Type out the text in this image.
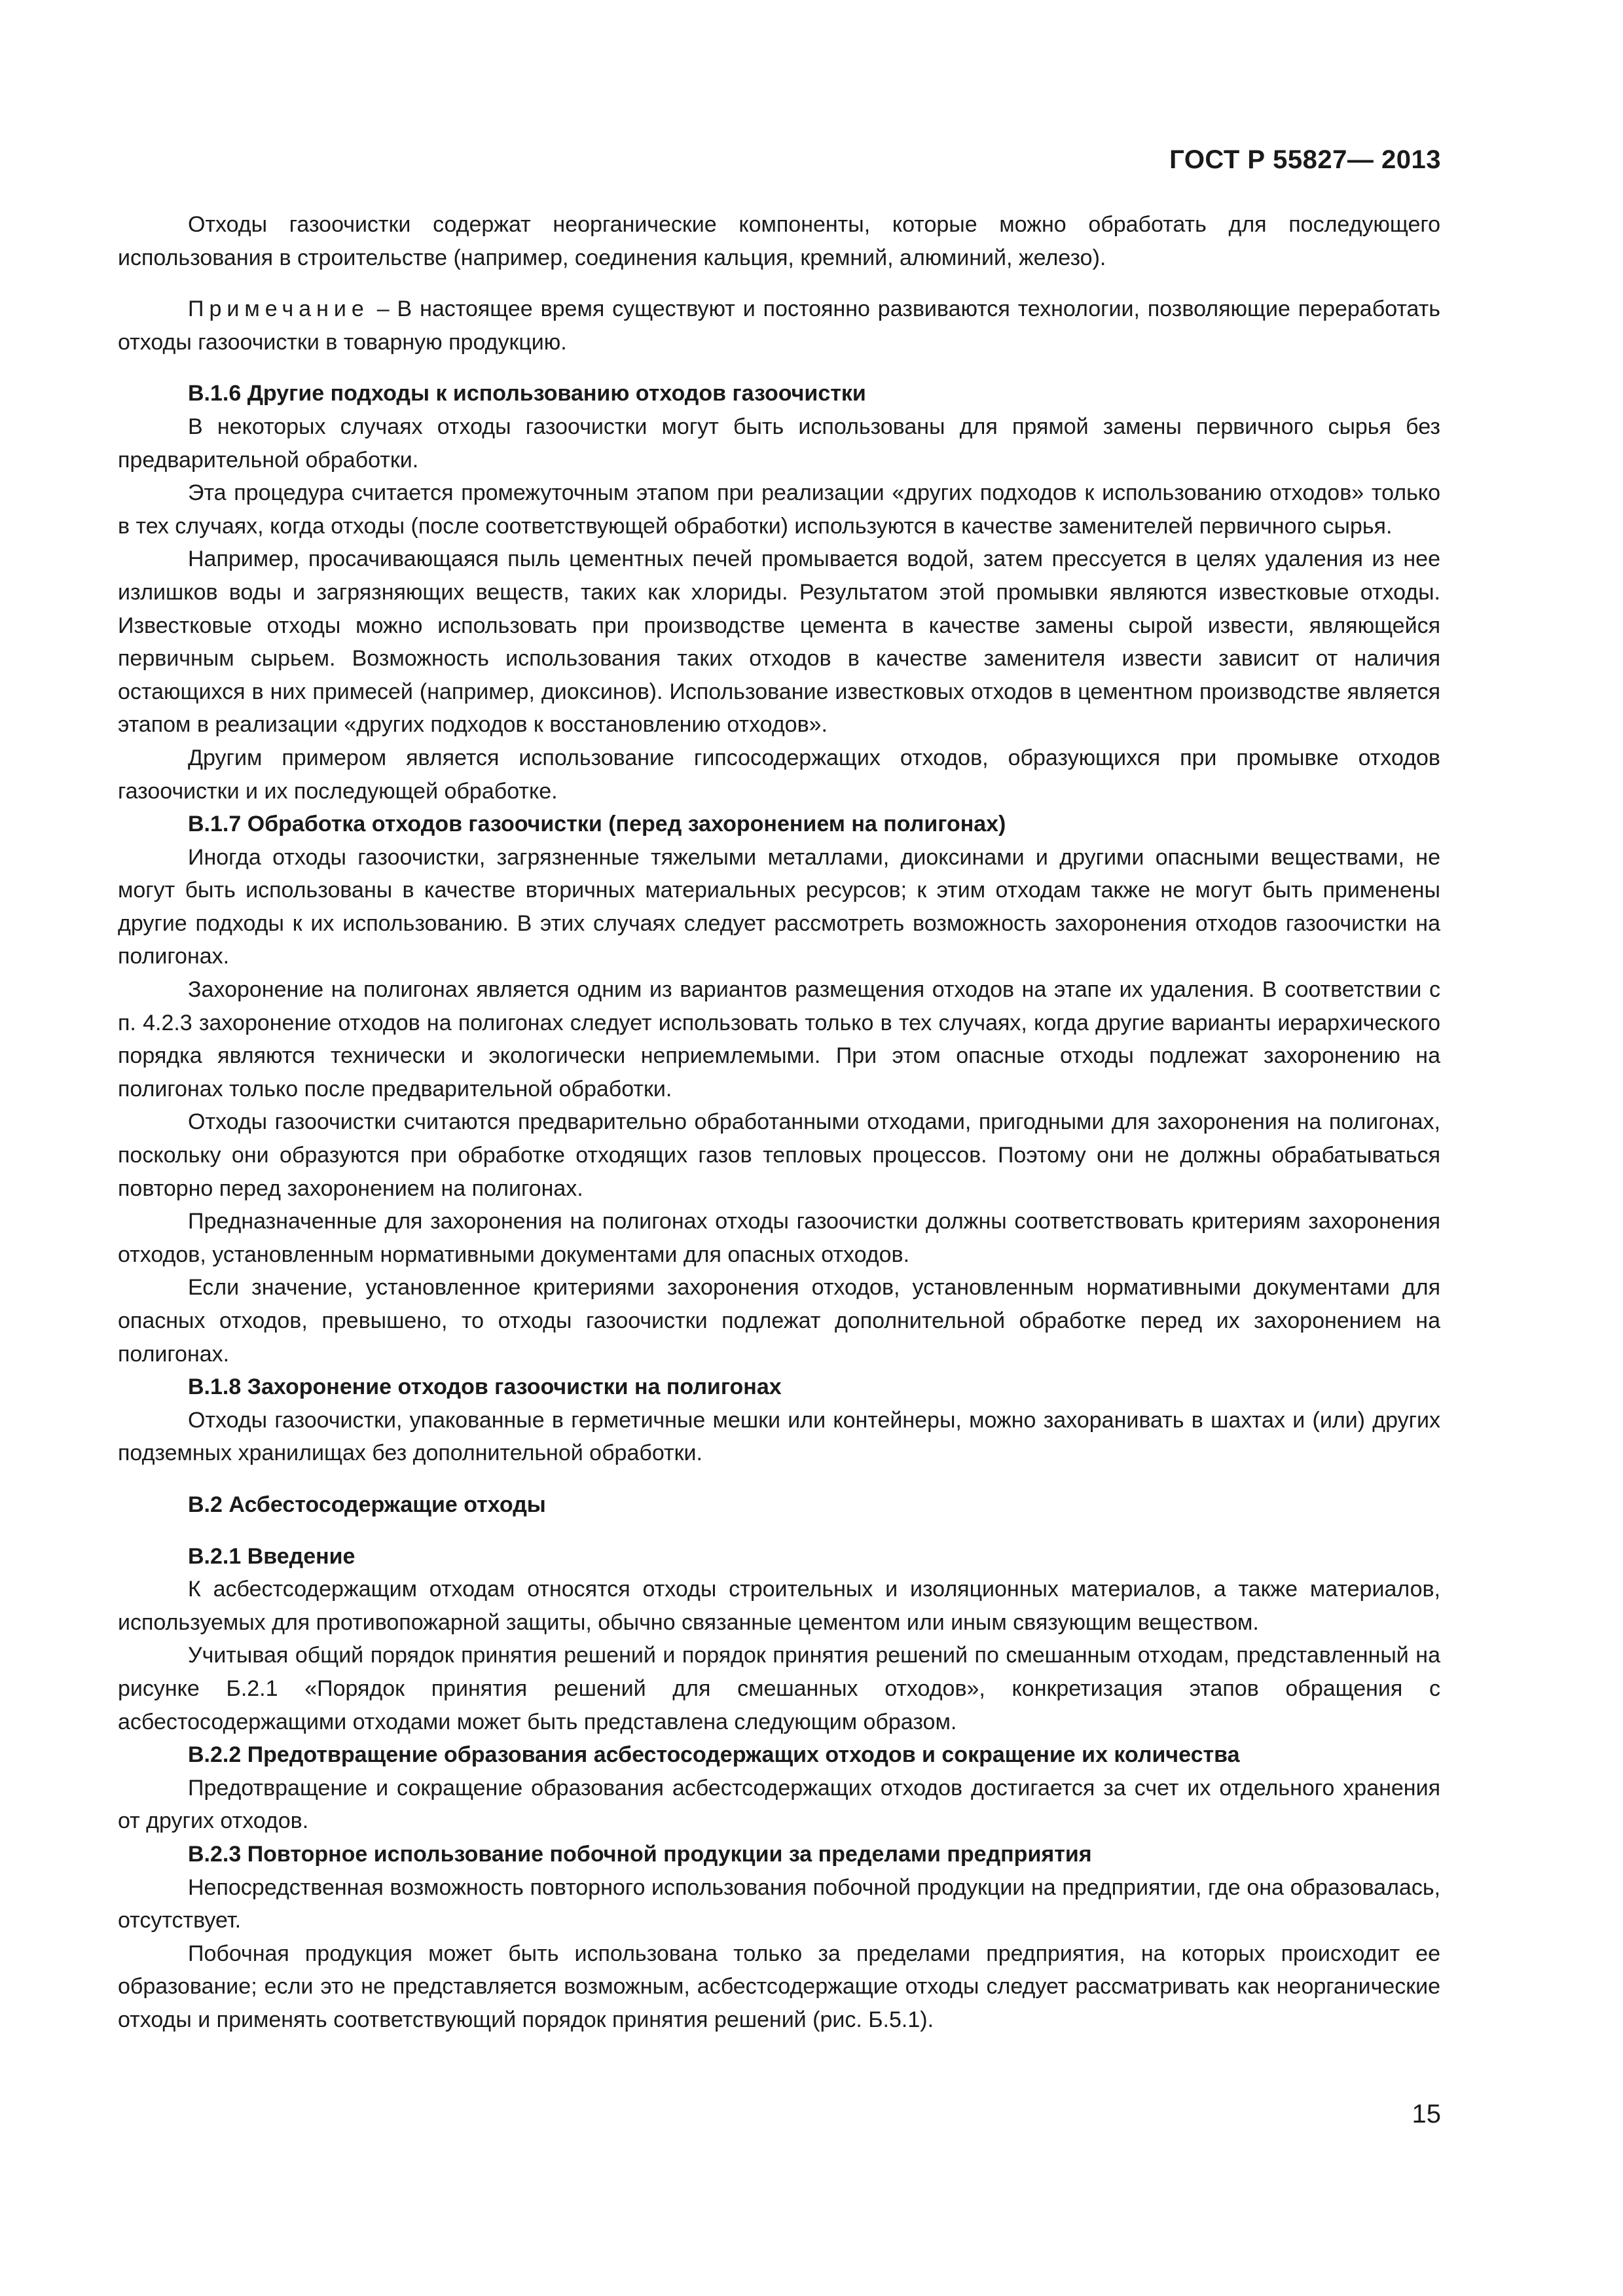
ГОСТ Р 55827— 2013

Отходы газоочистки содержат неорганические компоненты, которые можно обработать для последующего использования в строительстве (например, соединения кальция, кремний, алюминий, железо).

Примечание – В настоящее время существуют и постоянно развиваются технологии, позволяющие переработать отходы газоочистки в товарную продукцию.

В.1.6 Другие подходы к использованию отходов газоочистки

В некоторых случаях отходы газоочистки могут быть использованы для прямой замены первичного сырья без предварительной обработки.

Эта процедура считается промежуточным этапом при реализации «других подходов к использованию отходов» только в тех случаях, когда отходы (после соответствующей обработки) используются в качестве заменителей первичного сырья.

Например, просачивающаяся пыль цементных печей промывается водой, затем прессуется в целях удаления из нее излишков воды и загрязняющих веществ, таких как хлориды. Результатом этой промывки являются известковые отходы. Известковые отходы можно использовать при производстве цемента в качестве замены сырой извести, являющейся первичным сырьем. Возможность использования таких отходов в качестве заменителя извести зависит от наличия остающихся в них примесей (например, диоксинов). Использование известковых отходов в цементном производстве является этапом в реализации «других подходов к восстановлению отходов».

Другим примером является использование гипсосодержащих отходов, образующихся при промывке отходов газоочистки и их последующей обработке.

В.1.7 Обработка отходов газоочистки (перед захоронением на полигонах)

Иногда отходы газоочистки, загрязненные тяжелыми металлами, диоксинами и другими опасными веществами, не могут быть использованы в качестве вторичных материальных ресурсов; к этим отходам также не могут быть применены другие подходы к их использованию. В этих случаях следует рассмотреть возможность захоронения отходов газоочистки на полигонах.

Захоронение на полигонах является одним из вариантов размещения отходов на этапе их удаления. В соответствии с п. 4.2.3 захоронение отходов на полигонах следует использовать только в тех случаях, когда другие варианты иерархического порядка являются технически и экологически неприемлемыми. При этом опасные отходы подлежат захоронению на полигонах только после предварительной обработки.

Отходы газоочистки считаются предварительно обработанными отходами, пригодными для захоронения на полигонах, поскольку они образуются при обработке отходящих газов тепловых процессов. Поэтому они не должны обрабатываться повторно перед захоронением на полигонах.

Предназначенные для захоронения на полигонах отходы газоочистки должны соответствовать критериям захоронения отходов, установленным нормативными документами для опасных отходов.

Если значение, установленное критериями захоронения отходов, установленным нормативными документами для опасных отходов, превышено, то отходы газоочистки подлежат дополнительной обработке перед их захоронением на полигонах.

В.1.8 Захоронение отходов газоочистки на полигонах

Отходы газоочистки, упакованные в герметичные мешки или контейнеры, можно захоранивать в шахтах и (или) других подземных хранилищах без дополнительной обработки.

В.2 Асбестосодержащие отходы

В.2.1 Введение

К асбестсодержащим отходам относятся отходы строительных и изоляционных материалов, а также материалов, используемых для противопожарной защиты, обычно связанные цементом или иным связующим веществом.

Учитывая общий порядок принятия решений и порядок принятия решений по смешанным отходам, представленный на рисунке Б.2.1 «Порядок принятия решений для смешанных отходов», конкретизация этапов обращения с асбестосодержащими отходами может быть представлена следующим образом.

В.2.2 Предотвращение образования асбестосодержащих отходов и сокращение их количества

Предотвращение и сокращение образования асбестсодержащих отходов достигается за счет их отдельного хранения от других отходов.

В.2.3 Повторное использование побочной продукции за пределами предприятия

Непосредственная возможность повторного использования побочной продукции на предприятии, где она образовалась, отсутствует.

Побочная продукция может быть использована только за пределами предприятия, на которых происходит ее образование; если это не представляется возможным, асбестсодержащие отходы следует рассматривать как неорганические отходы и применять соответствующий порядок принятия решений (рис. Б.5.1).

15
